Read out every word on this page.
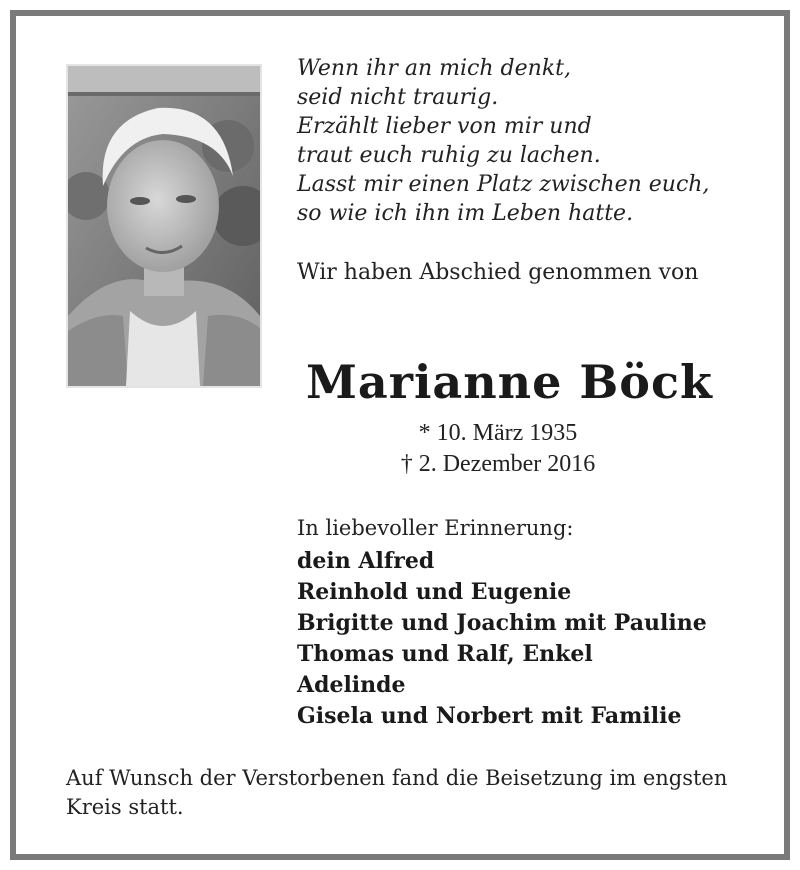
Wenn ihr an mich denkt,
seid nicht traurig.
Erzählt lieber von mir und
traut euch ruhig zu lachen.
Lasst mir einen Platz zwischen euch,
so wie ich ihn im Leben hatte.

Wir haben Abschied genommen von

Marianne Böck
* 10. März 1935
† 2. Dezember 2016

In liebevoller Erinnerung:

dein Alfred
Reinhold und Eugenie
Brigitte und Joachim mit Pauline
Thomas und Ralf, Enkel
Adelinde
Gisela und Norbert mit Familie

Auf Wunsch der Verstorbenen fand die Beisetzung im engsten Kreis statt.
